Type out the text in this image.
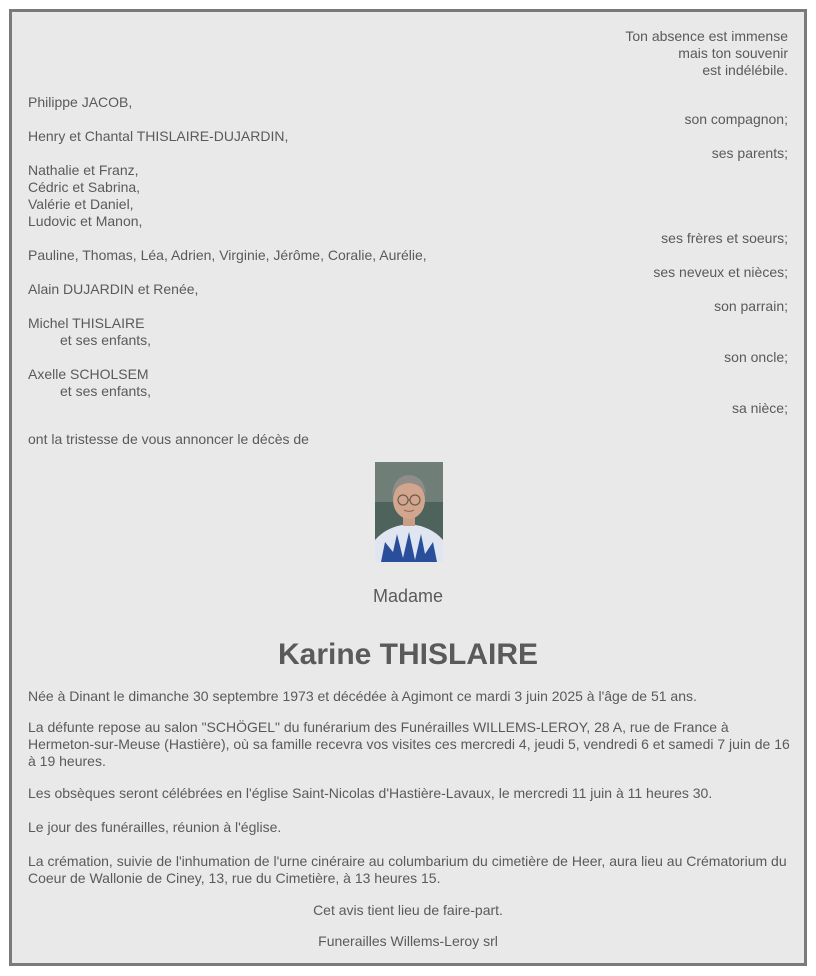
Ton absence est immense
mais ton souvenir
est indélébile.
Philippe JACOB,
son compagnon;
Henry et Chantal THISLAIRE-DUJARDIN,
ses parents;
Nathalie et Franz,
Cédric et Sabrina,
Valérie et Daniel,
Ludovic et Manon,
ses frères et soeurs;
Pauline, Thomas, Léa, Adrien, Virginie, Jérôme, Coralie, Aurélie,
ses neveux et nièces;
Alain DUJARDIN et Renée,
son parrain;
Michel THISLAIRE
et ses enfants,
son oncle;
Axelle SCHOLSEM
et ses enfants,
sa nièce;
ont la tristesse de vous annoncer le décès de
Madame
Karine THISLAIRE
Née à Dinant le dimanche 30 septembre 1973 et décédée à Agimont ce mardi 3 juin 2025 à l'âge de 51 ans.
La défunte repose au salon "SCHÖGEL" du funérarium des Funérailles WILLEMS-LEROY, 28 A, rue de France à Hermeton-sur-Meuse (Hastière), où sa famille recevra vos visites ces mercredi 4, jeudi 5, vendredi 6 et samedi 7 juin de 16 à 19 heures.
Les obsèques seront célébrées en l'église Saint-Nicolas d'Hastière-Lavaux, le mercredi 11 juin à 11 heures 30.
Le jour des funérailles, réunion à l'église.
La crémation, suivie de l'inhumation de l'urne cinéraire au columbarium du cimetière de Heer, aura lieu au Crématorium du Coeur de Wallonie de Ciney, 13, rue du Cimetière, à 13 heures 15.
Cet avis tient lieu de faire-part.
Funerailles Willems-Leroy srl
